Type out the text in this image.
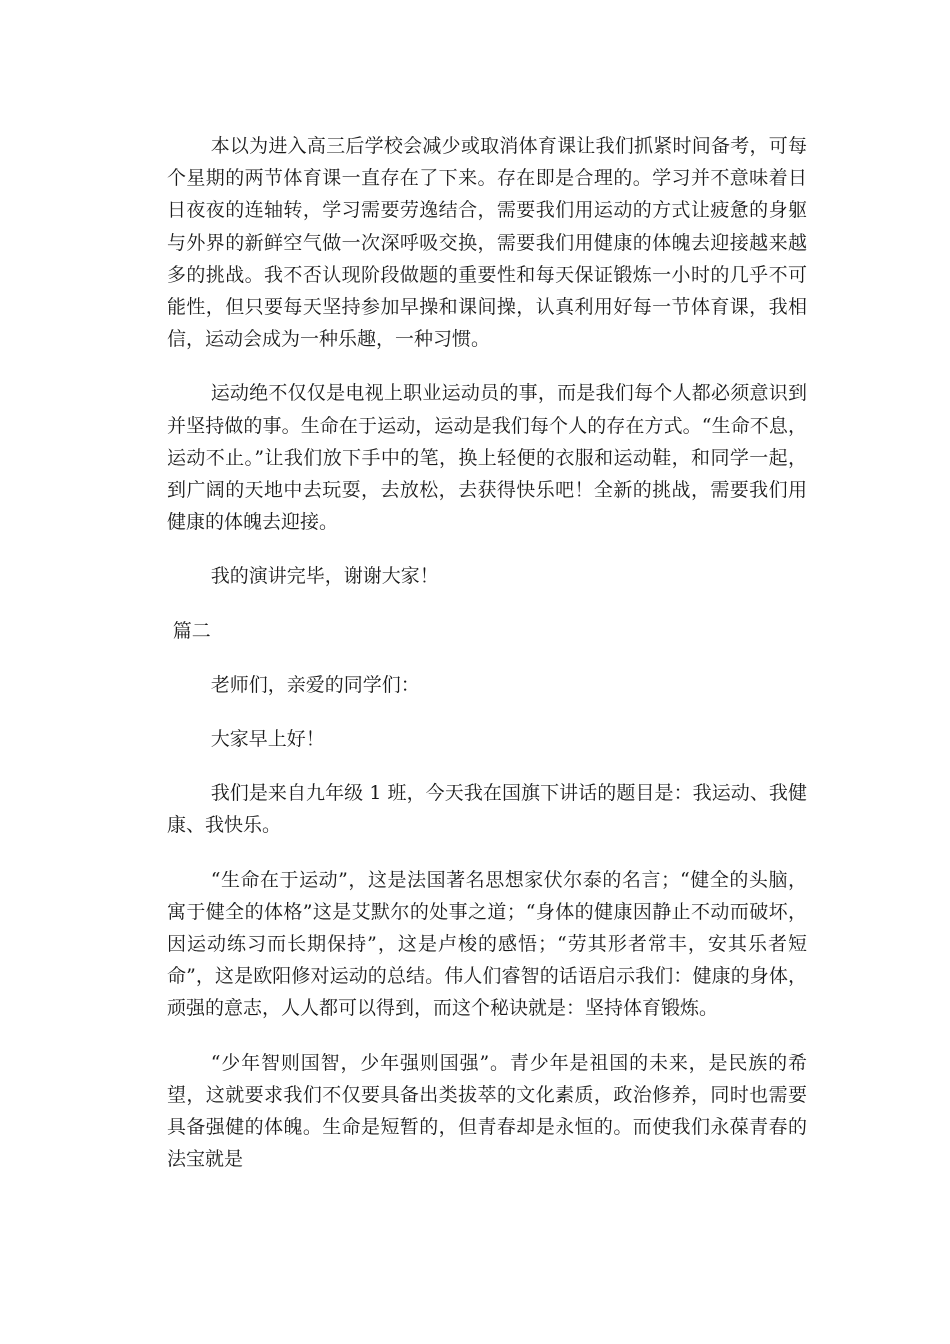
本以为进入高三后学校会减少或取消体育课让我们抓紧时间备考，可每个星期的两节体育课一直存在了下来。存在即是合理的。学习并不意味着日日夜夜的连轴转，学习需要劳逸结合，需要我们用运动的方式让疲惫的身躯与外界的新鲜空气做一次深呼吸交换，需要我们用健康的体魄去迎接越来越多的挑战。我不否认现阶段做题的重要性和每天保证锻炼一小时的几乎不可能性，但只要每天坚持参加早操和课间操，认真利用好每一节体育课，我相信，运动会成为一种乐趣，一种习惯。

运动绝不仅仅是电视上职业运动员的事，而是我们每个人都必须意识到并坚持做的事。生命在于运动，运动是我们每个人的存在方式。“生命不息，运动不止。”让我们放下手中的笔，换上轻便的衣服和运动鞋，和同学一起，到广阔的天地中去玩耍，去放松，去获得快乐吧！全新的挑战，需要我们用健康的体魄去迎接。

我的演讲完毕，谢谢大家！

篇二

老师们，亲爱的同学们：

大家早上好！

我们是来自九年级 1 班，今天我在国旗下讲话的题目是：我运动、我健康、我快乐。

“生命在于运动”，这是法国著名思想家伏尔泰的名言；“健全的头脑，寓于健全的体格”这是艾默尔的处事之道；“身体的健康因静止不动而破坏，因运动练习而长期保持”，这是卢梭的感悟；“劳其形者常丰，安其乐者短命”，这是欧阳修对运动的总结。伟人们睿智的话语启示我们：健康的身体，顽强的意志，人人都可以得到，而这个秘诀就是：坚持体育锻炼。

“少年智则国智，少年强则国强”。青少年是祖国的未来，是民族的希望，这就要求我们不仅要具备出类拔萃的文化素质，政治修养，同时也需要具备强健的体魄。生命是短暂的，但青春却是永恒的。而使我们永葆青春的法宝就是
